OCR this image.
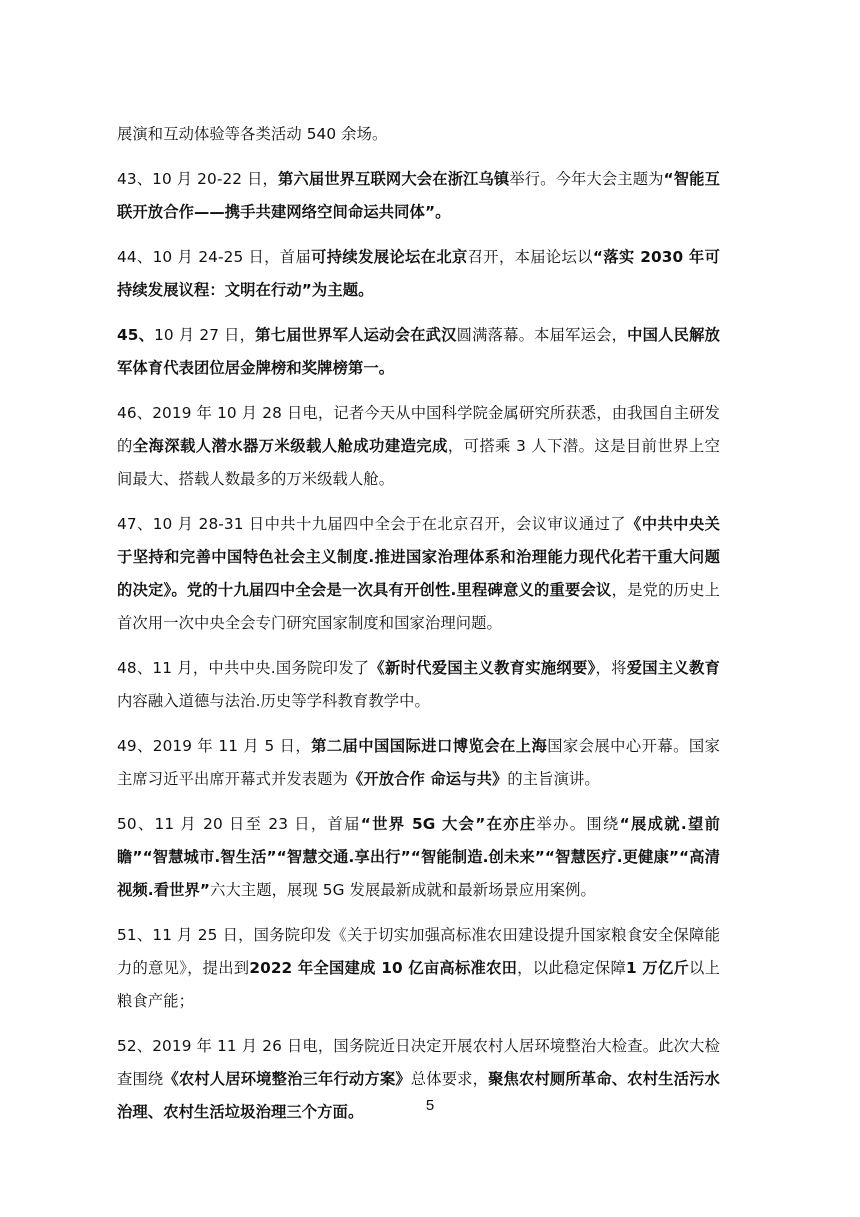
展演和互动体验等各类活动 540 余场。

43、10 月 20-22 日，第六届世界互联网大会在浙江乌镇举行。今年大会主题为“智能互联开放合作——携手共建网络空间命运共同体”。

44、10 月 24-25 日，首届可持续发展论坛在北京召开，本届论坛以“落实 2030 年可持续发展议程：文明在行动”为主题。

45、10 月 27 日，第七届世界军人运动会在武汉圆满落幕。本届军运会，中国人民解放军体育代表团位居金牌榜和奖牌榜第一。

46、2019 年 10 月 28 日电，记者今天从中国科学院金属研究所获悉，由我国自主研发的全海深载人潜水器万米级载人舱成功建造完成，可搭乘 3 人下潜。这是目前世界上空间最大、搭载人数最多的万米级载人舱。

47、10 月 28-31 日中共十九届四中全会于在北京召开，会议审议通过了《中共中央关于坚持和完善中国特色社会主义制度.推进国家治理体系和治理能力现代化若干重大问题的决定》。党的十九届四中全会是一次具有开创性.里程碑意义的重要会议，是党的历史上首次用一次中央全会专门研究国家制度和国家治理问题。

48、11 月，中共中央.国务院印发了《新时代爱国主义教育实施纲要》，将爱国主义教育内容融入道德与法治.历史等学科教育教学中。

49、2019 年 11 月 5 日，第二届中国国际进口博览会在上海国家会展中心开幕。国家主席习近平出席开幕式并发表题为《开放合作 命运与共》的主旨演讲。

50、11 月 20 日至 23 日，首届“世界 5G 大会”在亦庄举办。围绕“展成就.望前瞻”“智慧城市.智生活”“智慧交通.享出行”“智能制造.创未来”“智慧医疗.更健康”“高清视频.看世界”六大主题，展现 5G 发展最新成就和最新场景应用案例。

51、11 月 25 日，国务院印发《关于切实加强高标准农田建设提升国家粮食安全保障能力的意见》，提出到2022 年全国建成 10 亿亩高标准农田，以此稳定保障1 万亿斤以上粮食产能；

52、2019 年 11 月 26 日电，国务院近日决定开展农村人居环境整治大检查。此次大检查围绕《农村人居环境整治三年行动方案》总体要求，聚焦农村厕所革命、农村生活污水治理、农村生活垃圾治理三个方面。	5
